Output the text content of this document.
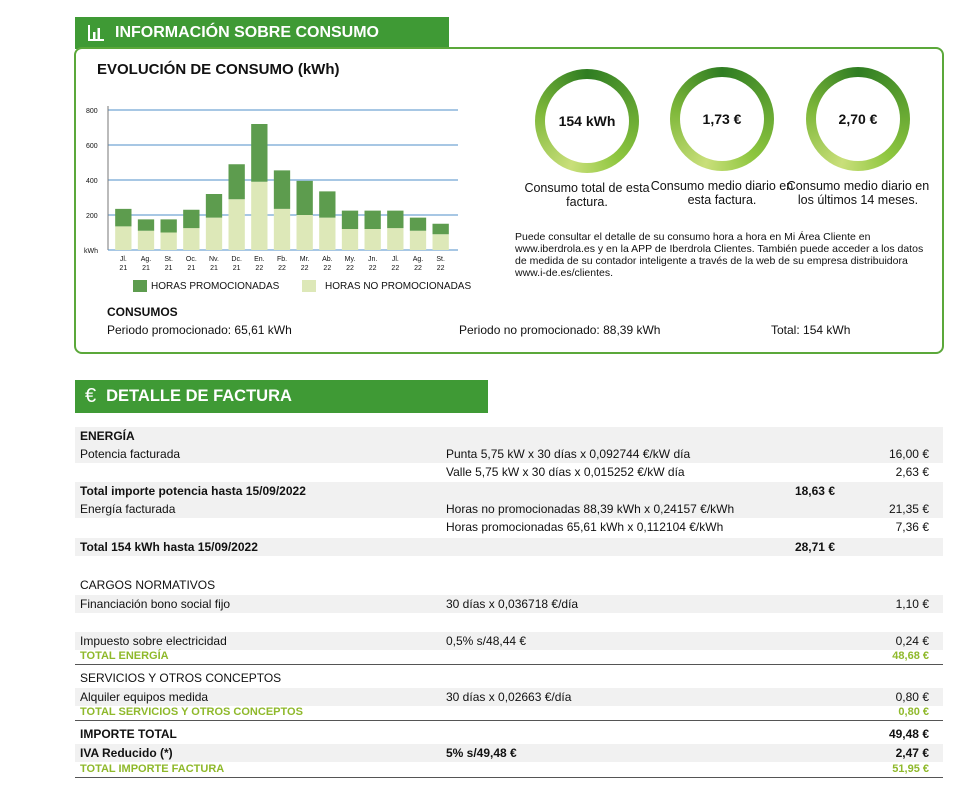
INFORMACIÓN SOBRE CONSUMO
EVOLUCIÓN DE CONSUMO (kWh)
800
600
400
200
kWh
Jl.
21
Ag.
21
St.
21
Oc.
21
Nv.
21
Dc.
21
En.
22
Fb.
22
Mr.
22
Ab.
22
My.
22
Jn.
22
Jl.
22
Ag.
22
St.
22
HORAS PROMOCIONADAS	HORAS NO PROMOCIONADAS
CONSUMOS
Periodo promocionado: 65,61 kWh	Periodo no promocionado: 88,39 kWh	Total: 154 kWh
154 kWh
Consumo total de esta factura.
1,73 €
Consumo medio diario en esta factura.
2,70 €
Consumo medio diario en los últimos 14 meses.
Puede consultar el detalle de su consumo hora a hora en Mi Área Cliente en www.iberdrola.es y en la APP de Iberdrola Clientes. También puede acceder a los datos de medida de su contador inteligente a través de la web de su empresa distribuidora www.i-de.es/clientes.
€ DETALLE DE FACTURA
ENERGÍA
Potencia facturada	Punta 5,75 kW x 30 días x 0,092744 €/kW día	16,00 €
Valle 5,75 kW x 30 días x 0,015252 €/kW día	2,63 €
Total importe potencia hasta 15/09/2022	18,63 €
Energía facturada	Horas no promocionadas 88,39 kWh x 0,24157 €/kWh	21,35 €
Horas promocionadas 65,61 kWh x 0,112104 €/kWh	7,36 €
Total 154 kWh hasta 15/09/2022	28,71 €
CARGOS NORMATIVOS
Financiación bono social fijo	30 días x 0,036718 €/día	1,10 €
Impuesto sobre electricidad	0,5% s/48,44 €	0,24 €
TOTAL ENERGÍA	48,68 €
SERVICIOS Y OTROS CONCEPTOS
Alquiler equipos medida	30 días x 0,02663 €/día	0,80 €
TOTAL SERVICIOS Y OTROS CONCEPTOS	0,80 €
IMPORTE TOTAL	49,48 €
IVA Reducido (*)	5% s/49,48 €	2,47 €
TOTAL IMPORTE FACTURA	51,95 €
